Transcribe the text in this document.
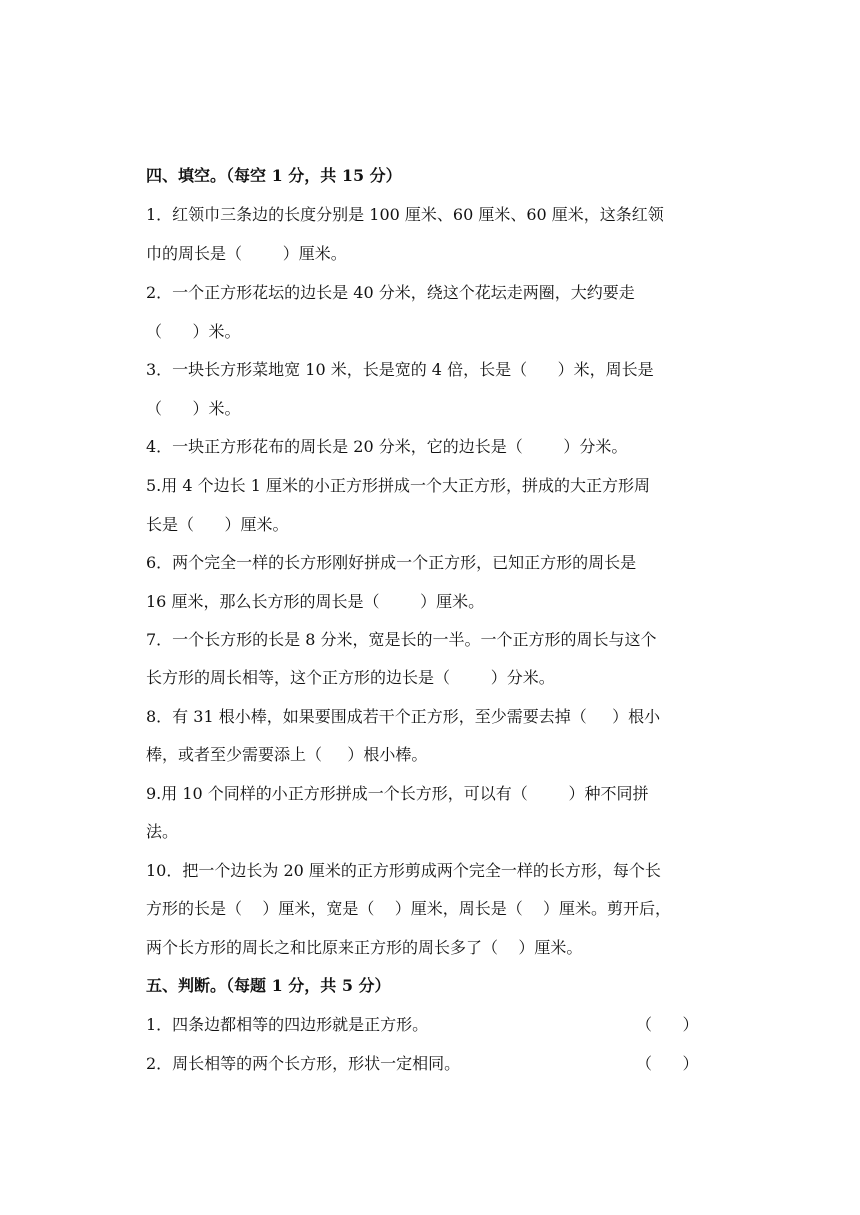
四、填空。（每空 1 分，共 15 分）
1．红领巾三条边的长度分别是 100 厘米、60 厘米、60 厘米，这条红领
巾的周长是（        ）厘米。
2．一个正方形花坛的边长是 40 分米，绕这个花坛走两圈，大约要走
（      ）米。
3．一块长方形菜地宽 10 米，长是宽的 4 倍，长是（      ）米，周长是
（      ）米。
4．一块正方形花布的周长是 20 分米，它的边长是（        ）分米。
5.用 4 个边长 1 厘米的小正方形拼成一个大正方形，拼成的大正方形周
长是（      ）厘米。
6．两个完全一样的长方形刚好拼成一个正方形，已知正方形的周长是
16 厘米，那么长方形的周长是（        ）厘米。
7．一个长方形的长是 8 分米，宽是长的一半。一个正方形的周长与这个
长方形的周长相等，这个正方形的边长是（        ）分米。
8．有 31 根小棒，如果要围成若干个正方形，至少需要去掉（     ）根小
棒，或者至少需要添上（     ）根小棒。
9.用 10 个同样的小正方形拼成一个长方形，可以有（        ）种不同拼
法。
10．把一个边长为 20 厘米的正方形剪成两个完全一样的长方形，每个长
方形的长是（    ）厘米，宽是（    ）厘米，周长是（    ）厘米。剪开后，
两个长方形的周长之和比原来正方形的周长多了（    ）厘米。
五、判断。（每题 1 分，共 5 分）
1．四条边都相等的四边形就是正方形。	（      ）
2．周长相等的两个长方形，形状一定相同。	（      ）
